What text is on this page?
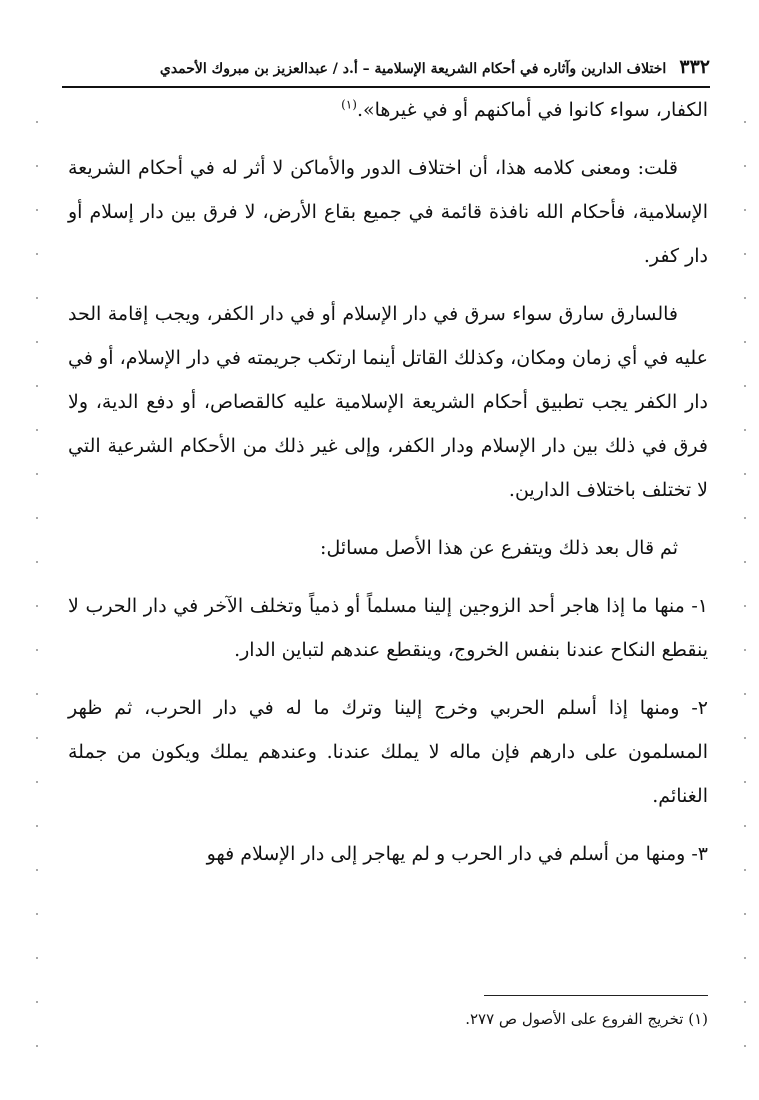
٣٣٢ اختلاف الدارين وآثاره في أحكام الشريعة الإسلامية – أ.د / عبدالعزيز بن مبروك الأحمدي

الكفار، سواء كانوا في أماكنهم أو في غيرها».$^{(١)}$

قلت: ومعنى كلامه هذا، أن اختلاف الدور والأماكن لا أثر له في أحكام الشريعة الإسلامية، فأحكام الله نافذة قائمة في جميع بقاع الأرض، لا فرق بين دار إسلام أو دار كفر.

فالسارق سارق سواء سرق في دار الإسلام أو في دار الكفر، ويجب إقامة الحد عليه في أي زمان ومكان، وكذلك القاتل أينما ارتكب جريمته في دار الإسلام، أو في دار الكفر يجب تطبيق أحكام الشريعة الإسلامية عليه كالقصاص، أو دفع الدية، ولا فرق في ذلك بين دار الإسلام ودار الكفر، وإلى غير ذلك من الأحكام الشرعية التي لا تختلف باختلاف الدارين.

ثم قال بعد ذلك ويتفرع عن هذا الأصل مسائل:

١- منها ما إذا هاجر أحد الزوجين إلينا مسلماً أو ذمياً وتخلف الآخر في دار الحرب لا ينقطع النكاح عندنا بنفس الخروج، وينقطع عندهم لتباين الدار.

٢- ومنها إذا أسلم الحربي وخرج إلينا وترك ما له في دار الحرب، ثم ظهر المسلمون على دارهم فإن ماله لا يملك عندنا. وعندهم يملك ويكون من جملة الغنائم.

٣- ومنها من أسلم في دار الحرب و لم يهاجر إلى دار الإسلام فهو

(١) تخريج الفروع على الأصول ص ٢٧٧.
